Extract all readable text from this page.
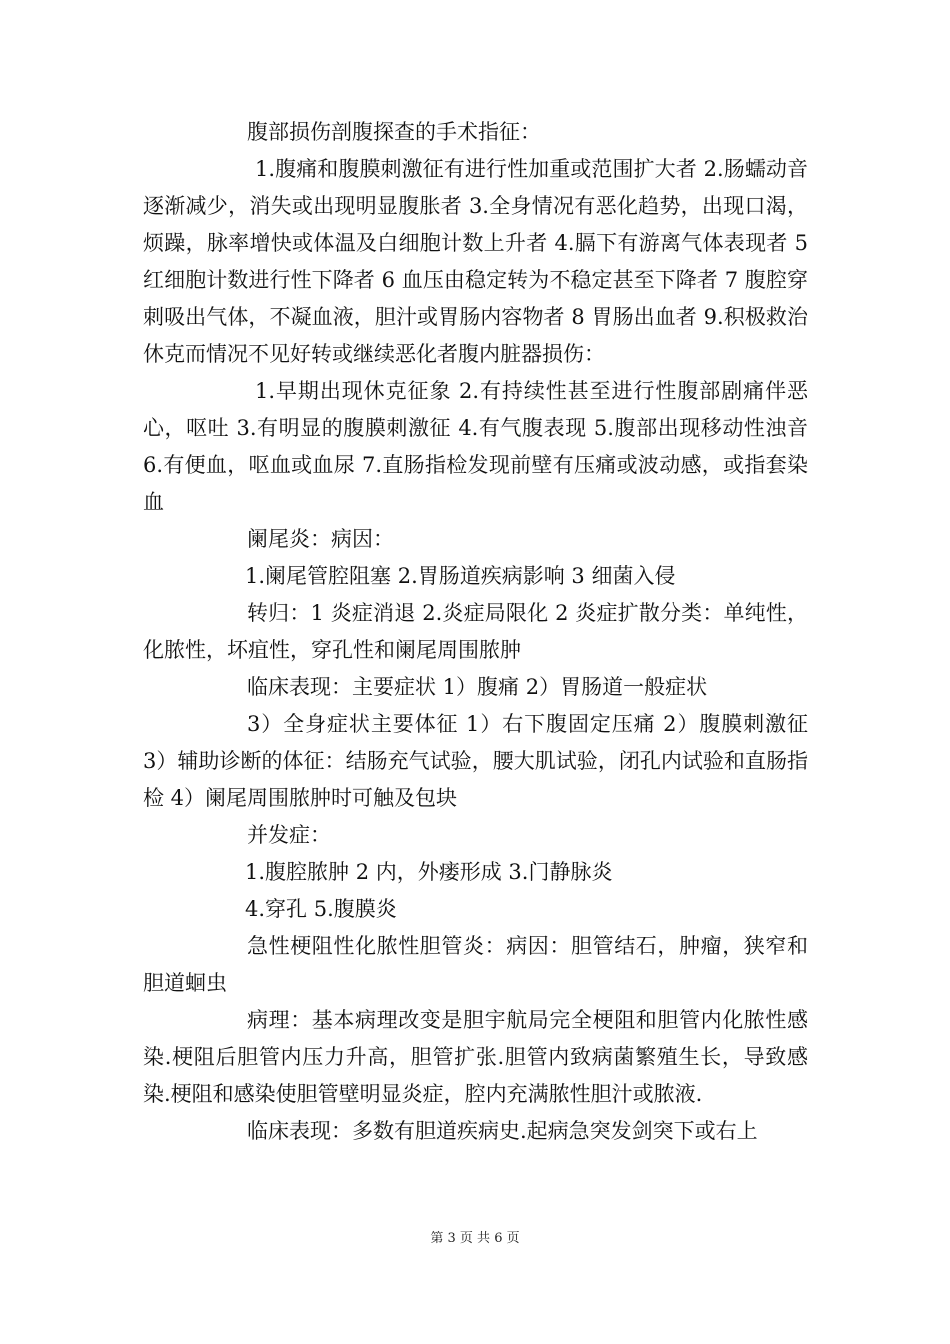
腹部损伤剖腹探查的手术指征：

1.腹痛和腹膜刺激征有进行性加重或范围扩大者 2.肠蠕动音逐渐减少，消失或出现明显腹胀者 3.全身情况有恶化趋势，出现口渴，烦躁，脉率增快或体温及白细胞计数上升者 4.膈下有游离气体表现者 5 红细胞计数进行性下降者 6 血压由稳定转为不稳定甚至下降者 7 腹腔穿刺吸出气体，不凝血液，胆汁或胃肠内容物者 8 胃肠出血者 9.积极救治休克而情况不见好转或继续恶化者腹内脏器损伤：

1.早期出现休克征象 2.有持续性甚至进行性腹部剧痛伴恶心，呕吐 3.有明显的腹膜刺激征 4.有气腹表现 5.腹部出现移动性浊音 6.有便血，呕血或血尿 7.直肠指检发现前壁有压痛或波动感，或指套染血

阑尾炎：病因：

1.阑尾管腔阻塞 2.胃肠道疾病影响 3 细菌入侵

转归：1 炎症消退 2.炎症局限化 2 炎症扩散分类：单纯性，化脓性，坏疽性，穿孔性和阑尾周围脓肿

临床表现：主要症状 1）腹痛 2）胃肠道一般症状

3）全身症状主要体征 1）右下腹固定压痛 2）腹膜刺激征 3）辅助诊断的体征：结肠充气试验，腰大肌试验，闭孔内试验和直肠指检 4）阑尾周围脓肿时可触及包块

并发症：

1.腹腔脓肿 2 内，外瘘形成 3.门静脉炎

4.穿孔 5.腹膜炎

急性梗阻性化脓性胆管炎：病因：胆管结石，肿瘤，狭窄和胆道蛔虫

病理：基本病理改变是胆宇航局完全梗阻和胆管内化脓性感染.梗阻后胆管内压力升高，胆管扩张.胆管内致病菌繁殖生长，导致感染.梗阻和感染使胆管壁明显炎症，腔内充满脓性胆汁或脓液.

临床表现：多数有胆道疾病史.起病急突发剑突下或右上

第 3 页 共 6 页
